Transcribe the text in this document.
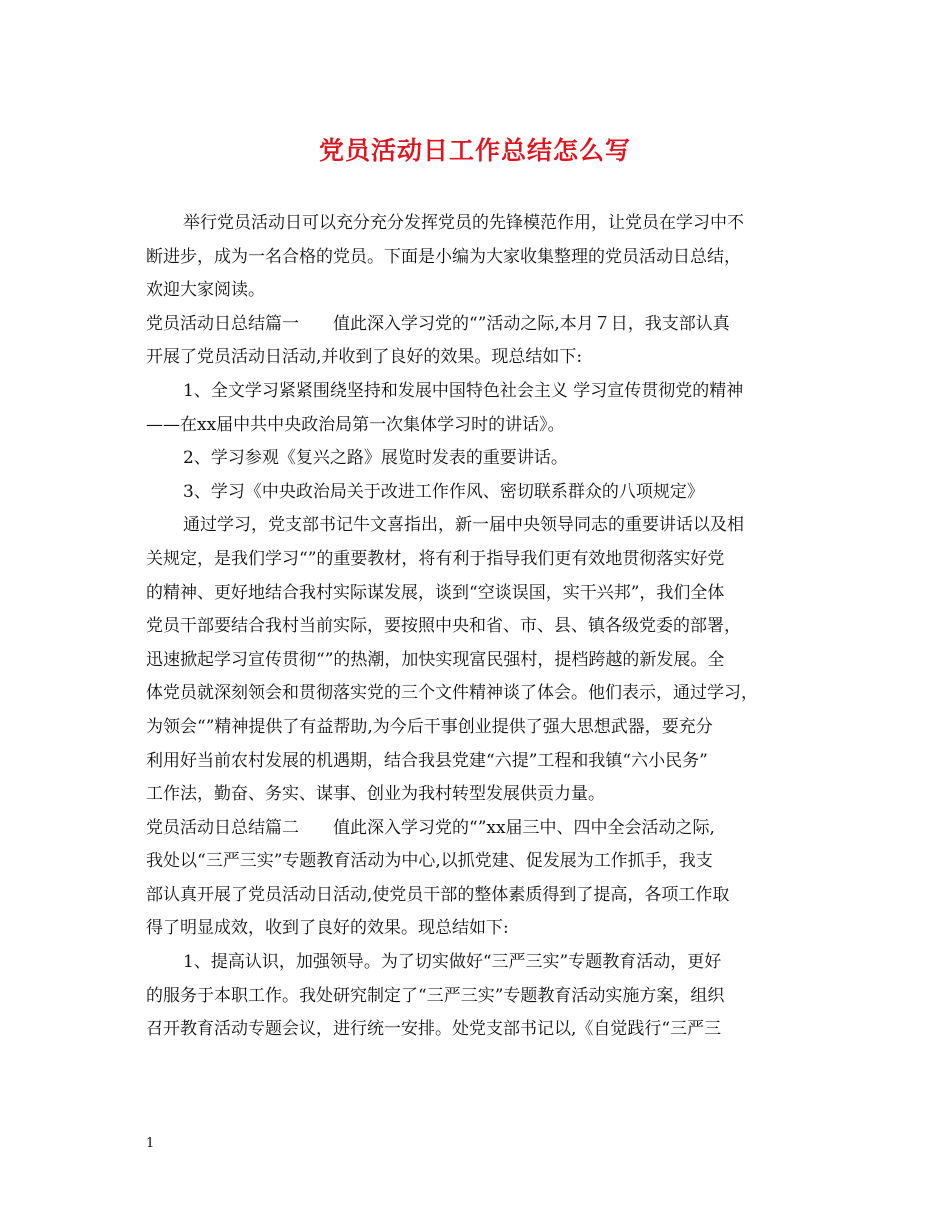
党员活动日工作总结怎么写
举行党员活动日可以充分充分发挥党员的先锋模范作用，让党员在学习中不
断进步，成为一名合格的党员。下面是小编为大家收集整理的党员活动日总结，
欢迎大家阅读。
党员活动日总结篇一　　值此深入学习党的“”活动之际,本月７日，我支部认真
开展了党员活动日活动,并收到了良好的效果。现总结如下:
1、全文学习紧紧围绕坚持和发展中国特色社会主义 学习宣传贯彻党的精神
——在xx届中共中央政治局第一次集体学习时的讲话》。
2、学习参观《复兴之路》展览时发表的重要讲话。
3、学习《中央政治局关于改进工作作风、密切联系群众的八项规定》
通过学习，党支部书记牛文喜指出，新一届中央领导同志的重要讲话以及相
关规定，是我们学习“”的重要教材，将有利于指导我们更有效地贯彻落实好党
的精神、更好地结合我村实际谋发展，谈到“空谈误国，实干兴邦”，我们全体
党员干部要结合我村当前实际，要按照中央和省、市、县、镇各级党委的部署，
迅速掀起学习宣传贯彻“”的热潮，加快实现富民强村，提档跨越的新发展。全
体党员就深刻领会和贯彻落实党的三个文件精神谈了体会。他们表示，通过学习，
为领会“”精神提供了有益帮助,为今后干事创业提供了强大思想武器，要充分
利用好当前农村发展的机遇期，结合我县党建“六提”工程和我镇“六小民务”
工作法，勤奋、务实、谋事、创业为我村转型发展供贡力量。
党员活动日总结篇二　　值此深入学习党的“”xx届三中、四中全会活动之际,
我处以“三严三实”专题教育活动为中心,以抓党建、促发展为工作抓手，我支
部认真开展了党员活动日活动,使党员干部的整体素质得到了提高，各项工作取
得了明显成效，收到了良好的效果。现总结如下:
1、提高认识，加强领导。为了切实做好“三严三实”专题教育活动，更好
的服务于本职工作。我处研究制定了“三严三实”专题教育活动实施方案，组织
召开教育活动专题会议，进行统一安排。处党支部书记以,《自觉践行“三严三
1
